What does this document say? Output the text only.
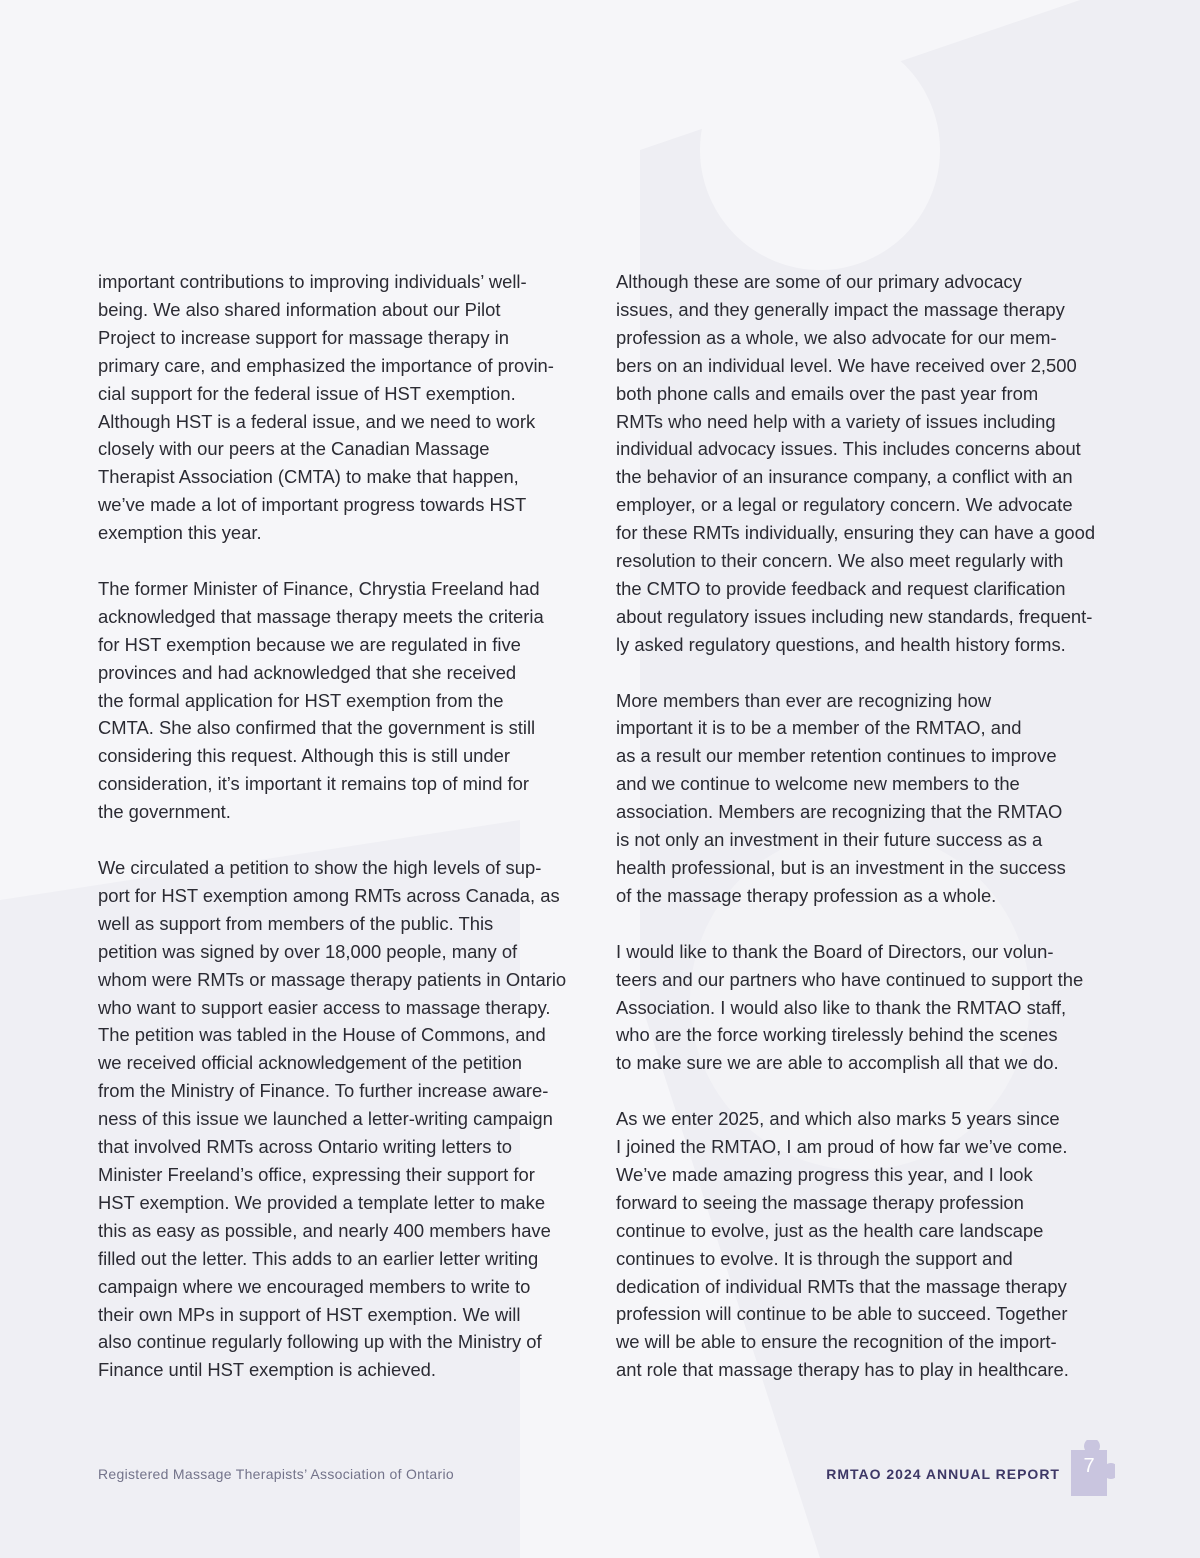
important contributions to improving individuals’ well-
being. We also shared information about our Pilot
Project to increase support for massage therapy in
primary care, and emphasized the importance of provin-
cial support for the federal issue of HST exemption.
Although HST is a federal issue, and we need to work
closely with our peers at the Canadian Massage
Therapist Association (CMTA) to make that happen,
we’ve made a lot of important progress towards HST
exemption this year.

The former Minister of Finance, Chrystia Freeland had
acknowledged that massage therapy meets the criteria
for HST exemption because we are regulated in five
provinces and had acknowledged that she received
the formal application for HST exemption from the
CMTA. She also confirmed that the government is still
considering this request. Although this is still under
consideration, it’s important it remains top of mind for
the government.

We circulated a petition to show the high levels of sup-
port for HST exemption among RMTs across Canada, as
well as support from members of the public. This
petition was signed by over 18,000 people, many of
whom were RMTs or massage therapy patients in Ontario
who want to support easier access to massage therapy.
The petition was tabled in the House of Commons, and
we received official acknowledgement of the petition
from the Ministry of Finance. To further increase aware-
ness of this issue we launched a letter-writing campaign
that involved RMTs across Ontario writing letters to
Minister Freeland’s office, expressing their support for
HST exemption. We provided a template letter to make
this as easy as possible, and nearly 400 members have
filled out the letter. This adds to an earlier letter writing
campaign where we encouraged members to write to
their own MPs in support of HST exemption. We will
also continue regularly following up with the Ministry of
Finance until HST exemption is achieved.

Although these are some of our primary advocacy
issues, and they generally impact the massage therapy
profession as a whole, we also advocate for our mem-
bers on an individual level. We have received over 2,500
both phone calls and emails over the past year from
RMTs who need help with a variety of issues including
individual advocacy issues. This includes concerns about
the behavior of an insurance company, a conflict with an
employer, or a legal or regulatory concern. We advocate
for these RMTs individually, ensuring they can have a good
resolution to their concern. We also meet regularly with
the CMTO to provide feedback and request clarification
about regulatory issues including new standards, frequent-
ly asked regulatory questions, and health history forms.

More members than ever are recognizing how
important it is to be a member of the RMTAO, and
as a result our member retention continues to improve
and we continue to welcome new members to the
association. Members are recognizing that the RMTAO
is not only an investment in their future success as a
health professional, but is an investment in the success
of the massage therapy profession as a whole.

I would like to thank the Board of Directors, our volun-
teers and our partners who have continued to support the
Association. I would also like to thank the RMTAO staff,
who are the force working tirelessly behind the scenes
to make sure we are able to accomplish all that we do.

As we enter 2025, and which also marks 5 years since
I joined the RMTAO, I am proud of how far we’ve come.
We’ve made amazing progress this year, and I look
forward to seeing the massage therapy profession
continue to evolve, just as the health care landscape
continues to evolve. It is through the support and
dedication of individual RMTs that the massage therapy
profession will continue to be able to succeed. Together
we will be able to ensure the recognition of the import-
ant role that massage therapy has to play in healthcare.

Registered Massage Therapists’ Association of Ontario	RMTAO 2024 ANNUAL REPORT	7
